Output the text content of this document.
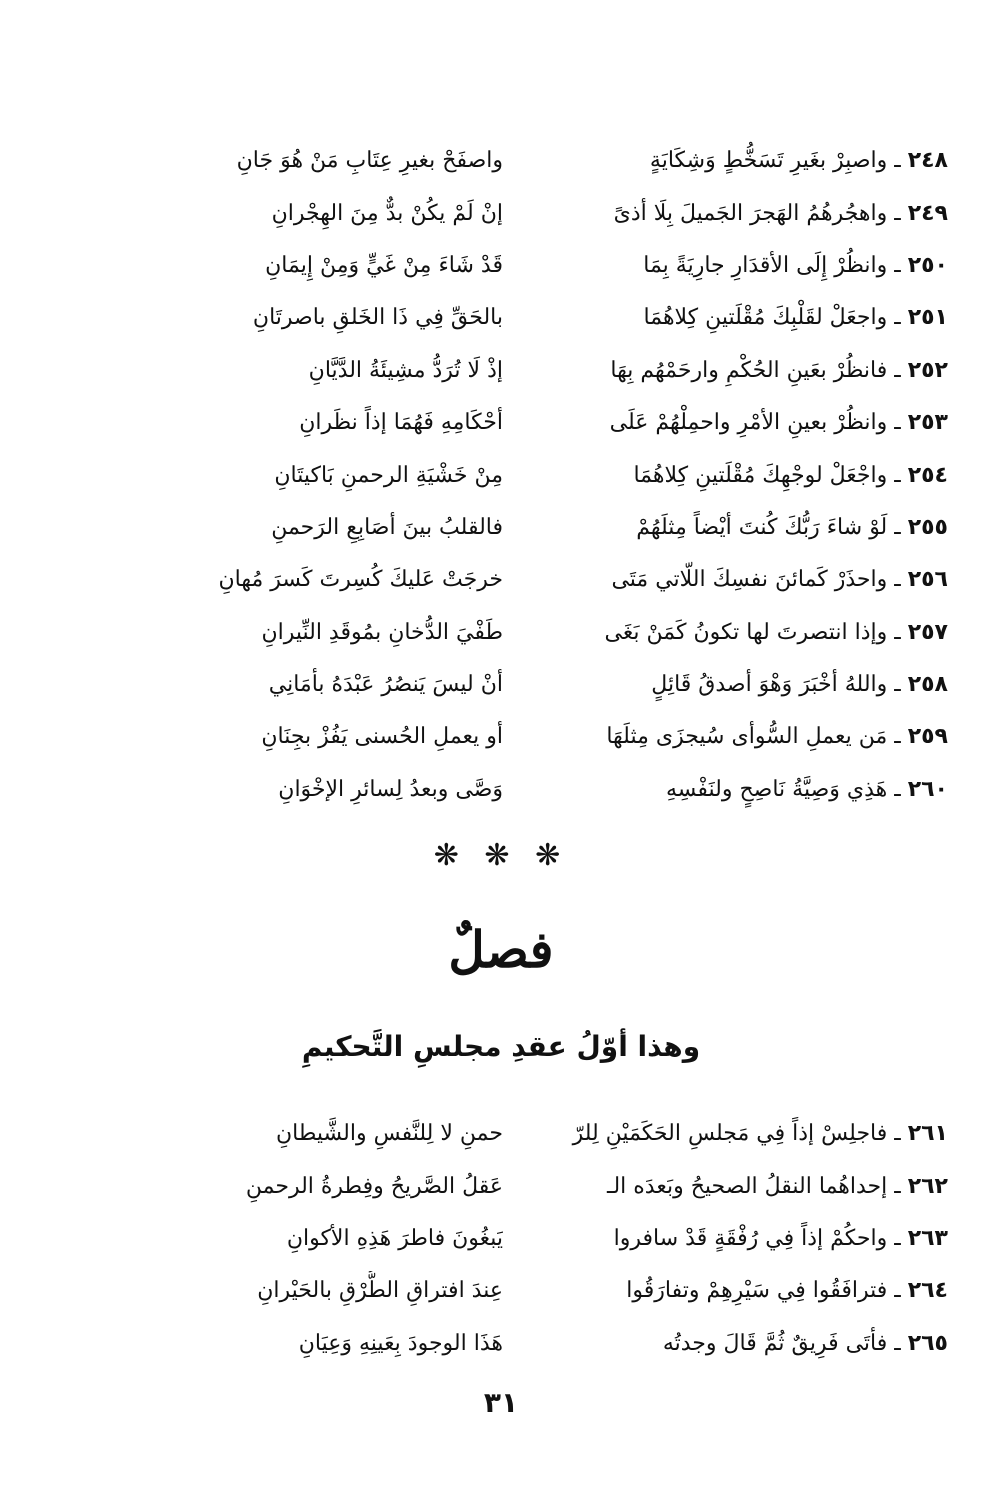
٢٤٨ ـ واصبِرْ بغَيرِ تَسَخُّطٍ وَشِكَايَةٍ
واصفَحْ بغيرِ عِتَابِ مَنْ هُوَ جَانِ
٢٤٩ ـ واهجُرهُمُ الهَجرَ الجَميلَ بِلَا أذىً
إنْ لَمْ يكُنْ بدٌّ مِنَ الهِجْرانِ
٢٥٠ ـ وانظُرْ إِلَى الأقدَارِ جارِيَةً بِمَا
قَدْ شَاءَ مِنْ غَيٍّ وَمِنْ إِيمَانِ
٢٥١ ـ واجعَلْ لقَلْبِكَ مُقْلَتينِ كِلاهُمَا
بالحَقِّ فِي ذَا الخَلقِ باصرتَانِ
٢٥٢ ـ فانظُرْ بعَينِ الحُكْمِ وارحَمْهُم بِهَا
إذْ لَا تُرَدُّ مشِيئَةُ الدَّيَّانِ
٢٥٣ ـ وانظُرْ بعينِ الأمْرِ واحمِلْهُمْ عَلَى
أحْكَامِهِ فَهُمَا إذاً نظَرانِ
٢٥٤ ـ واجْعَلْ لوجْهِكَ مُقْلَتينِ كِلاهُمَا
مِنْ خَشْيَةِ الرحمنِ بَاكيتَانِ
٢٥٥ ـ لَوْ شاءَ رَبُّكَ كُنتَ أيْضاً مِثلَهُمْ
فالقلبُ بينَ أصَابِعِ الرَحمنِ
٢٥٦ ـ واحذَرْ كَمائنَ نفسِكَ اللّاتي مَتَى
خرجَتْ عَليكَ كُسِرتَ كَسرَ مُهانِ
٢٥٧ ـ وإذا انتصرتَ لها تكونُ كَمَنْ بَغَى
طَفْيَ الدُّخانِ بمُوقَدِ النِّيرانِ
٢٥٨ ـ واللهُ أخْبَرَ وَهْوَ أصدقُ قَائِلٍ
أنْ ليسَ يَنصُرُ عَبْدَهُ بأمَانِي
٢٥٩ ـ مَن يعملِ السُّوأى سُيجزَى مِثلَهَا
أو يعملِ الحُسنى يَفُزْ بجِنَانِ
٢٦٠ ـ هَذِي وَصِيَّةُ نَاصِحٍ ولنَفْسِهِ
وَصَّى وبعدُ لِسائرِ الإخْوَانِ
❋ ❋ ❋
فصلٌ
وهذا أوّلُ عقدِ مجلسِ التَّحكيمِ
٢٦١ ـ فاجلِسْ إذاً فِي مَجلسِ الحَكَمَيْنِ لِلرّ
حمنِ لا لِلنَّفسِ والشَّيطانِ
٢٦٢ ـ إحداهُما النقلُ الصحيحُ وبَعدَه الـ
عَقلُ الصَّريحُ وفِطرةُ الرحمنِ
٢٦٣ ـ واحكُمْ إذاً فِي رُفْقَةٍ قَدْ سافروا
يَبغُونَ فاطرَ هَذِهِ الأكوانِ
٢٦٤ ـ فترافَقُوا فِي سَيْرِهِمْ وتفارَقُوا
عِندَ افتراقِ الطُّرْقِ بالحَيْرانِ
٢٦٥ ـ فأتَى فَرِيقٌ ثُمَّ قَالَ وجدتُه
هَذَا الوجودَ بِعَينِهِ وَعِيَانِ
٣١
